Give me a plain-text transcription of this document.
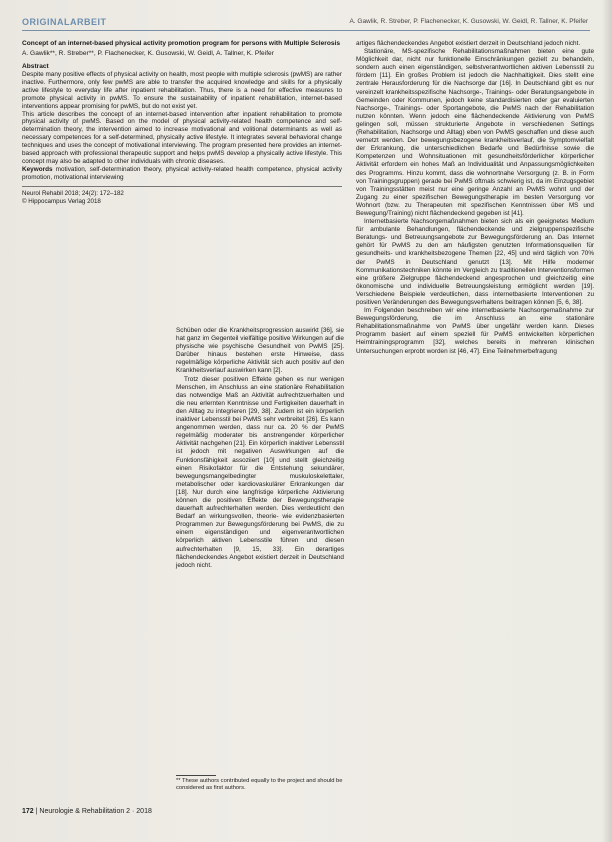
ORIGINALARBEIT	A. Gawlik, R. Streber, P. Flachenecker, K. Gusowski, W. Geidl, R. Tallner, K. Pfeifer
Concept of an internet-based physical activity promotion program for persons with Multiple Sclerosis
A. Gawlik**, R. Streber**, P. Flachenecker, K. Gusowski, W. Geidl, A. Tallner, K. Pfeifer
Abstract

Despite many positive effects of physical activity on health, most people with multiple sclerosis (pwMS) are rather inactive. Furthermore, only few pwMS are able to transfer the acquired knowledge and skills for a physically active lifestyle to everyday life after inpatient rehabilitation. Thus, there is a need for effective measures to promote physical activity in pwMS. To ensure the sustainability of inpatient rehabilitation, internet-based interventions appear promising for pwMS, but do not exist yet.

This article describes the concept of an internet-based intervention after inpatient rehabilitation to promote physical activity of pwMS. Based on the model of physical activity-related health competence and self-determination theory, the intervention aimed to increase motivational and volitional determinants as well as necessary competences for a self-determined, physically active lifestyle. It integrates several behavioral change techniques and uses the concept of motivational interviewing. The program presented here provides an internet-based approach with professional therapeutic support and helps pwMS develop a physically active lifestyle. This concept may also be adapted to other individuals with chronic diseases.

Keywords motivation, self-determination theory, physical activity-related health competence, physical activity promotion, motivational interviewing
Neurol Rehabil 2018; 24(2): 172–182
© Hippocampus Verlag 2018

Schüben oder die Krankheitsprogression auswirkt [36], sie hat ganz im Gegenteil vielfältige positive Wirkungen auf die physische wie psychische Gesundheit von PwMS [25]. Darüber hinaus bestehen erste Hinweise, dass regelmäßige körperliche Aktivität sich auch positiv auf den Krankheitsverlauf auswirken kann [2].

Trotz dieser positiven Effekte gehen es nur wenigen Menschen, im Anschluss an eine stationäre Rehabilitation das notwendige Maß an Aktivität aufrechtzuerhalten und die neu erlernten Kenntnisse und Fertigkeiten dauerhaft in den Alltag zu integrieren [29, 38]. Zudem ist ein körperlich inaktiver Lebensstil bei PwMS sehr verbreitet [26]. Es kann angenommen werden, dass nur ca. 20 % der PwMS regelmäßig moderater bis anstrengender körperlicher Aktivität nachgehen [21]. Ein körperlich inaktiver Lebensstil ist jedoch mit negativen Auswirkungen auf die Funktionsfähigkeit assoziiert [10] und stellt gleichzeitig einen Risikofaktor für die Entstehung sekundärer, bewegungsmangelbedingter muskuloskelettaler, metabolischer oder kardiovaskulärer Erkrankungen dar [18]. Nur durch eine langfristige körperliche Aktivierung können die positiven Effekte der Bewegungstherapie dauerhaft aufrechterhalten werden. Dies verdeutlicht den Bedarf an wirkungsvollen, theorie- wie evidenzbasierten Programmen zur Bewegungsförderung bei PwMS, die zu einem eigenständigen und eigenverantwortlichen körperlich aktiven Lebensstile führen und diesen aufrechterhalten [9, 15, 33]. Ein derartiges flächendeckendes Angebot existiert derzeit in Deutschland jedoch nicht.

artiges flächendeckendes Angebot existiert derzeit in Deutschland jedoch nicht.

Stationäre, MS-spezifische Rehabilitationsmaßnahmen bieten eine gute Möglichkeit dar, nicht nur funktionelle Einschränkungen gezielt zu behandeln, sondern auch einen eigenständigen, selbstverantwortlichen aktiven Lebensstil zu fördern [11]. Ein großes Problem ist jedoch die Nachhaltigkeit. Dies stellt eine zentrale Herausforderung für die Nachsorge dar [16]. In Deutschland gibt es nur vereinzelt krankheitsspezifische Nachsorge-, Trainings- oder Beratungsangebote in Gemeinden oder Kommunen, jedoch keine standardisierten oder gar evaluierten Nachsorge-, Trainings- oder Sportangebote, die PwMS nach der Rehabilitation nutzen könnten. Wenn jedoch eine flächendeckende Aktivierung von PwMS gelingen soll, müssen strukturierte Angebote in verschiedenen Settings (Rehabilitation, Nachsorge und Alltag) eben von PwMS geschaffen und diese auch vernetzt werden. Der bewegungsbezogene krankheitsverlauf, die Symptomvielfalt der Erkrankung, die unterschiedlichen Bedarfe und Bedürfnisse sowie die Kompetenzen und Wohnsituationen mit gesundheitsförderlicher körperlicher Aktivität erfordern ein hohes Maß an Individualität und Anpassungsmöglichkeiten des Programms. Hinzu kommt, dass die wohnortnahe Versorgung (z. B. in Form von Trainingsgruppen) gerade bei PwMS oftmals schwierig ist, da im Einzugsgebiet von Trainingsstätten meist nur eine geringe Anzahl an PwMS wohnt und der Zugang zu einer spezifischen Bewegungstherapie im besten Versorgung vor Wohnort (bzw. zu Therapeuten mit spezifischen Kenntnissen über MS und Bewegung/Training) nicht flächendeckend gegeben ist [41].

Internetbasierte Nachsorgemaßnahmen bieten sich als ein geeignetes Medium für ambulante Behandlungen, flächendeckende und zielgruppenspezifische Beratungs- und Betreuungsangebote zur Bewegungsförderung an. Das Internet gehört für PwMS zu den am häufigsten genutzten Informationsquellen für gesundheits- und krankheitsbezogene Themen [22, 45] und wird täglich von 70% der PwMS in Deutschland genutzt [13]. Mit Hilfe moderner Kommunikationstechniken könnte im Vergleich zu traditionellen Interventionsformen eine größere Zielgruppe flächendeckend angesprochen und gleichzeitig eine ökonomische und individuelle Betreuungsleistung ermöglicht werden [19]. Verschiedene Beispiele verdeutlichen, dass internetbasierte Interventionen zu positiven Veränderungen des Bewegungsverhaltens beitragen können [5, 6, 38].

Im Folgenden beschreiben wir eine internetbasierte Nachsorgemaßnahme zur Bewegungsförderung, die im Anschluss an eine stationäre Rehabilitationsmaßnahme von PwMS über ungefähr werden kann. Dieses Programm basiert auf einem speziell für PwMS entwickelten körperlichen Heimtrainingsprogramm [32], welches bereits in mehreren klinischen Untersuchungen erprobt worden ist [46, 47]. Eine Teilnehmerbefragung

** These authors contributed equally to the project and should be considered as first authors.
172 | Neurologie & Rehabilitation 2 · 2018
